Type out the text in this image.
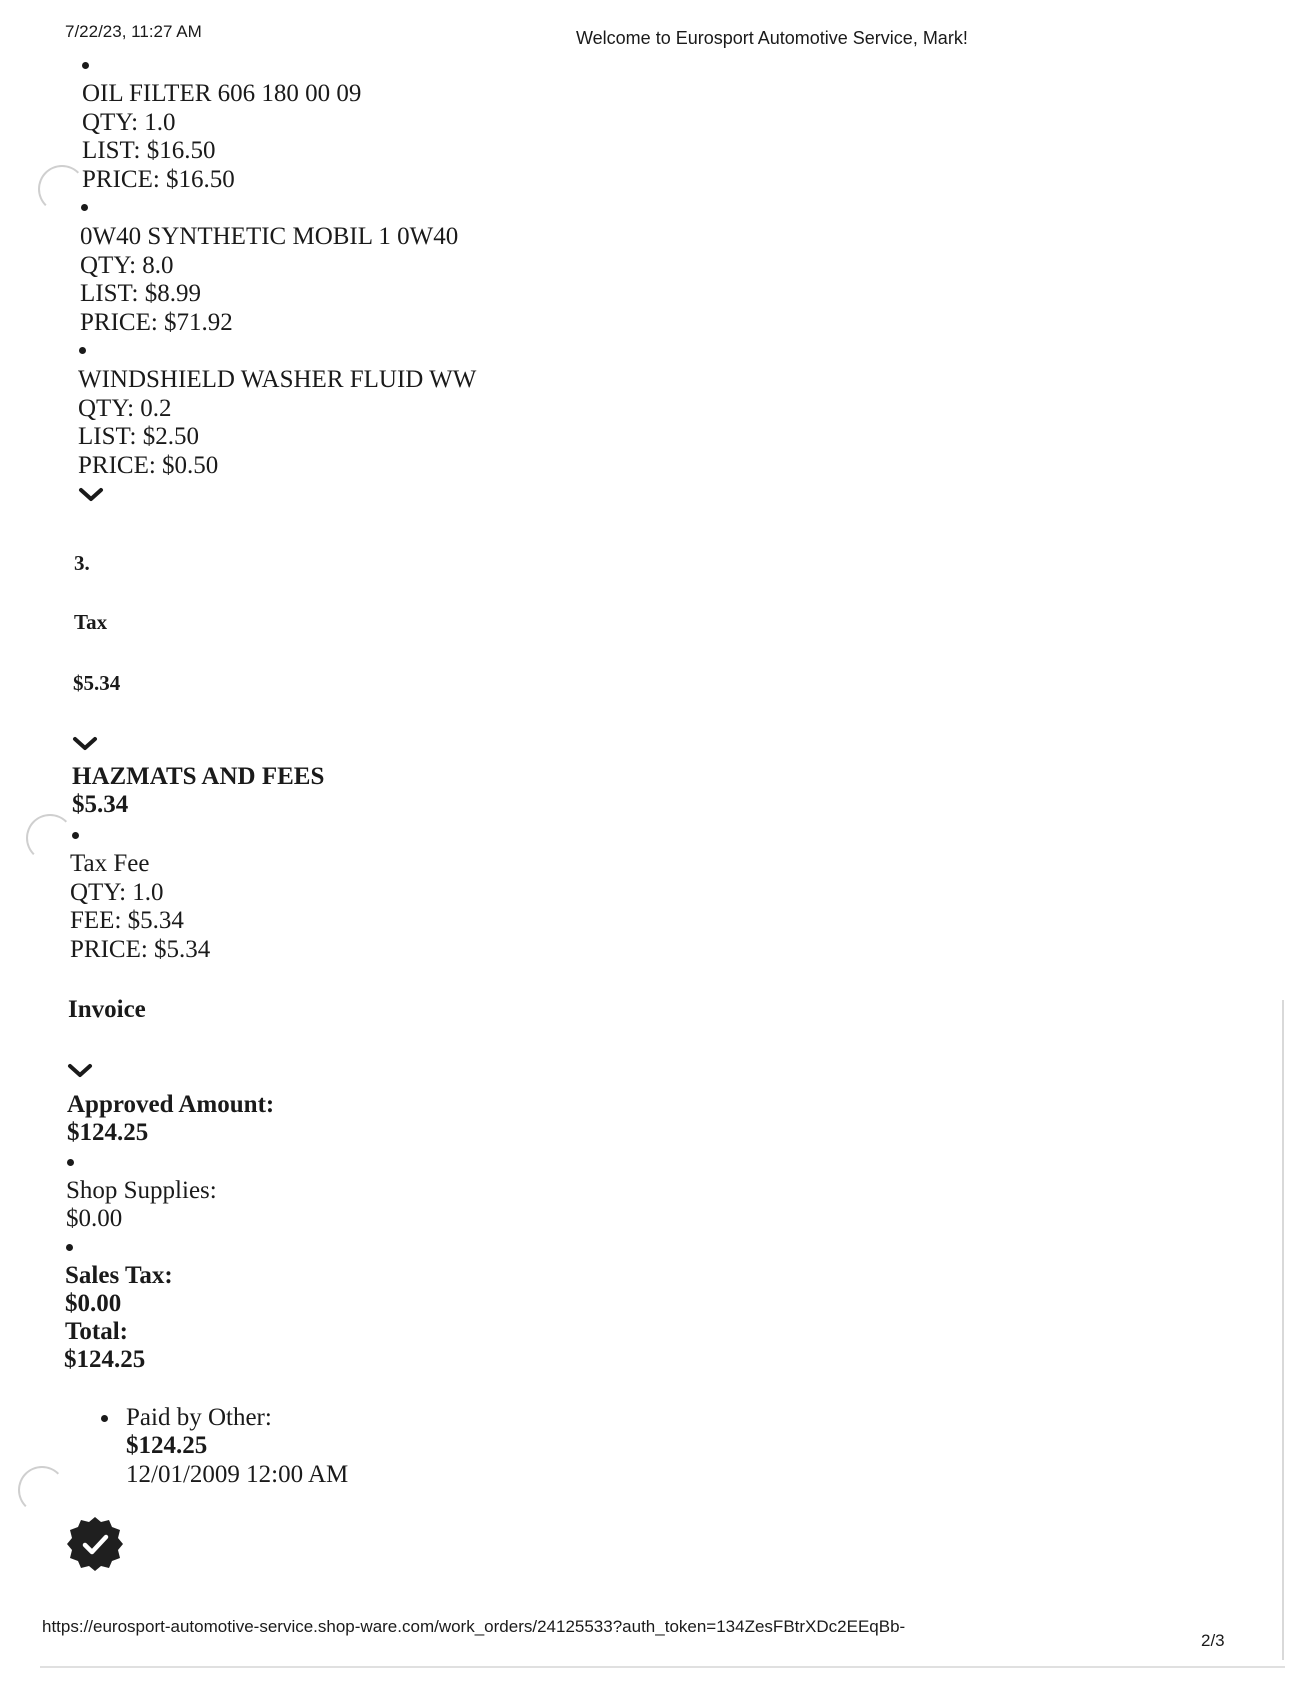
7/22/23, 11:27 AM	Welcome to Eurosport Automotive Service, Mark!
OIL FILTER 606 180 00 09
QTY: 1.0
LIST: $16.50
PRICE: $16.50
0W40 SYNTHETIC MOBIL 1 0W40
QTY: 8.0
LIST: $8.99
PRICE: $71.92
WINDSHIELD WASHER FLUID WW
QTY: 0.2
LIST: $2.50
PRICE: $0.50
3.
Tax
$5.34
HAZMATS AND FEES
$5.34
Tax Fee
QTY: 1.0
FEE: $5.34
PRICE: $5.34
Invoice
Approved Amount:
$124.25
Shop Supplies:
$0.00
Sales Tax:
$0.00
Total:
$124.25
Paid by Other:
$124.25
12/01/2009 12:00 AM
https://eurosport-automotive-service.shop-ware.com/work_orders/24125533?auth_token=134ZesFBtrXDc2EEqBb-
2/3
